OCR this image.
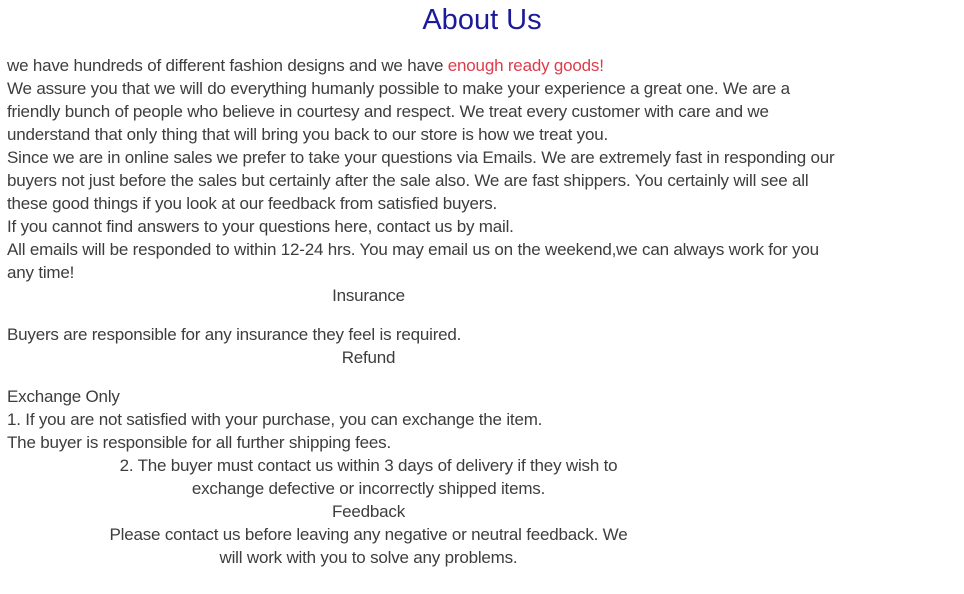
About Us
we have hundreds of different fashion designs and we have enough ready goods!
We assure you that we will do everything humanly possible to make your experience a great one. We are a
friendly bunch of people who believe in courtesy and respect. We treat every customer with care and we
understand that only thing that will bring you back to our store is how we treat you.
Since we are in online sales we prefer to take your questions via Emails. We are extremely fast in responding our
buyers not just before the sales but certainly after the sale also. We are fast shippers. You certainly will see all
these good things if you look at our feedback from satisfied buyers.
If you cannot find answers to your questions here, contact us by mail.
All emails will be responded to within 12-24 hrs. You may email us on the weekend,we can always work for you
any time!
Insurance
Buyers are responsible for any insurance they feel is required.
Refund
Exchange Only
1. If you are not satisfied with your purchase, you can exchange the item.
The buyer is responsible for all further shipping fees.
2. The buyer must contact us within 3 days of delivery if they wish to
exchange defective or incorrectly shipped items.
Feedback
Please contact us before leaving any negative or neutral feedback. We
will work with you to solve any problems.
